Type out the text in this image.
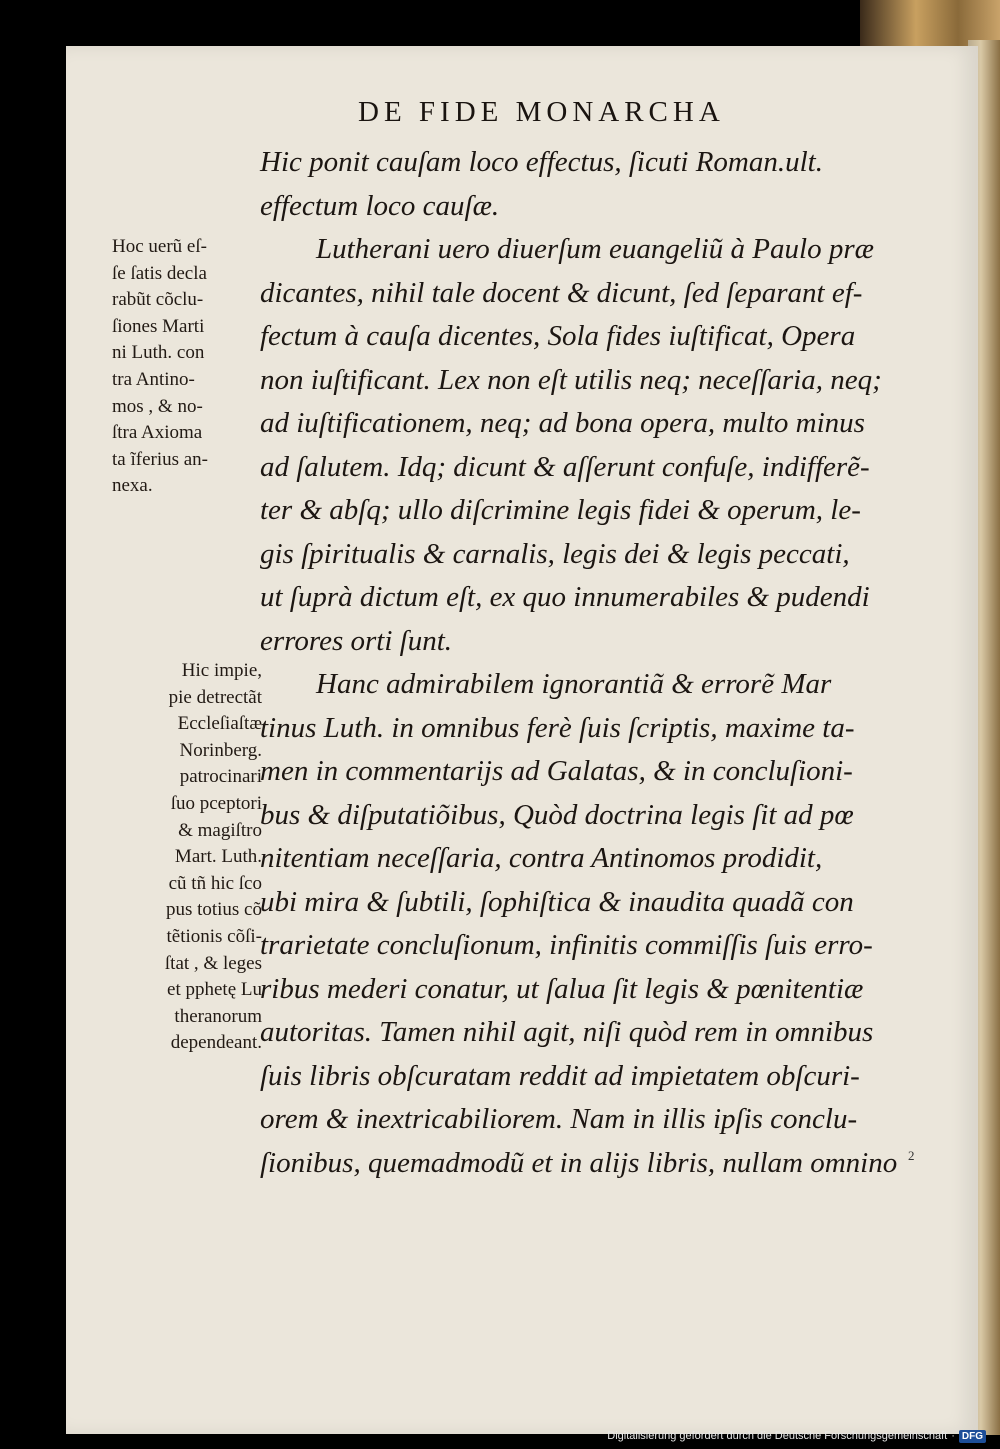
DE FIDE MONARCHA
Hoc uerũ eſ-
ſe ſatis decla
rabũt cõclu-
ſiones Marti
ni Luth. con
tra Antino-
mos , & no-
ſtra Axioma
ta ĩferius an-
nexa.
Hic impie,
pie detrectãt
Eccleſiaſtæ
Norinberg.
patrocinari
ſuo pceptori
& magiſtro
Mart. Luth.
cũ tñ hic ſco
pus totius cõ
tẽtionis cõſi-
ſtat , & leges
et pphetę Lu
theranorum
dependeant.
Hic ponit cauſam loco effectus, ſicuti Roman.ult.
effectum loco cauſæ.
Lutherani uero diuerſum euangeliũ à Paulo præ
dicantes, nihil tale docent & dicunt, ſed ſeparant ef-
fectum à cauſa dicentes, Sola fides iuſtificat, Opera
non iuſtificant. Lex non eſt utilis neq; neceſſaria, neq;
ad iuſtificationem, neq; ad bona opera, multo minus
ad ſalutem. Idq; dicunt & aſſerunt confuſe, indifferẽ-
ter & abſq; ullo diſcrimine legis fidei & operum, le-
gis ſpiritualis & carnalis, legis dei & legis peccati,
ut ſuprà dictum eſt, ex quo innumerabiles & pudendi
errores orti ſunt.
Hanc admirabilem ignorantiã & errorẽ Mar
tinus Luth. in omnibus ferè ſuis ſcriptis, maxime ta-
men in commentarijs ad Galatas, & in concluſioni-
bus & diſputatiõibus, Quòd doctrina legis ſit ad pœ
nitentiam neceſſaria, contra Antinomos prodidit,
ubi mira & ſubtili, ſophiſtica & inaudita quadã con
trarietate concluſionum, infinitis commiſſis ſuis erro-
ribus mederi conatur, ut ſalua ſit legis & pœnitentiæ
autoritas. Tamen nihil agit, niſi quòd rem in omnibus
ſuis libris obſcuratam reddit ad impietatem obſcuri-
orem & inextricabiliorem. Nam in illis ipſis conclu-
ſionibus, quemadmodũ et in alijs libris, nullam omnino 2
Digitalisierung gefördert durch die Deutsche Forschungsgemeinschaft · DFG
